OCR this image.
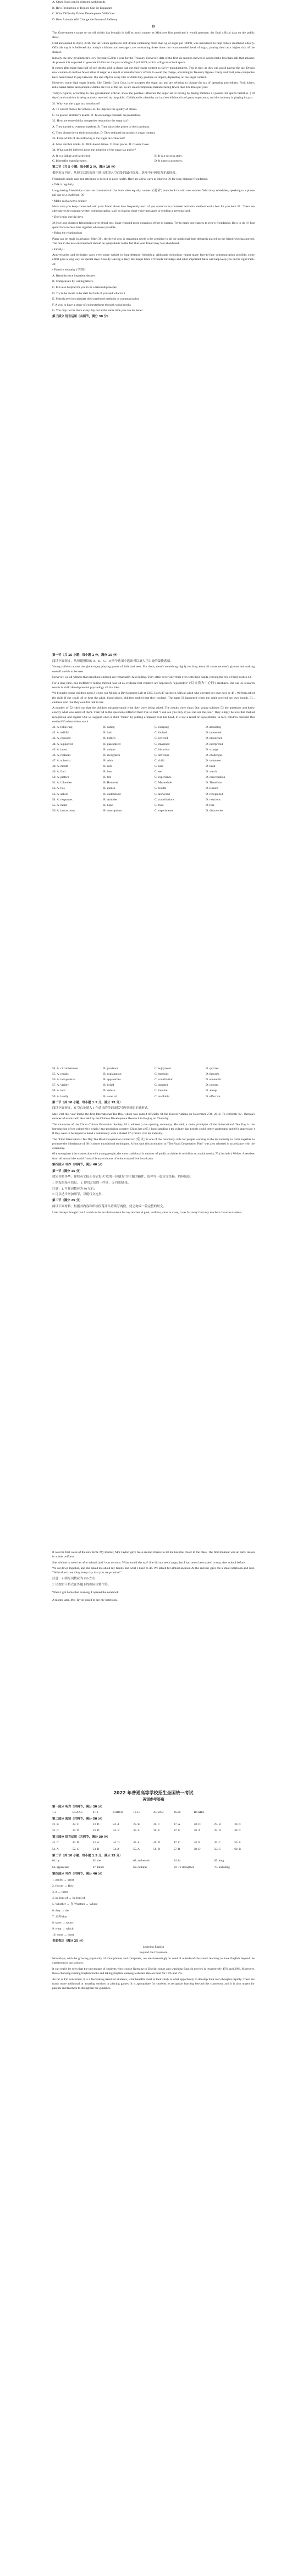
A. Other foods can be detected with breeds

B. How Production of Honors Can Be Expanded

C. What Difficulty Drives Development Will Goes

D. How Animals Will Change the Future of Refinery

B

The Government's target to cut off drinks has brought in half as much money as Ministers first predicted it would generate, the final official data on the public show.

First announced in April, 2016, the tax which applies to soft drinks containing more than 5g of sugar per 100ml, was introduced to help reduce childhood obesity. Officials say it is believed that today's children and teenagers are consuming three times the recommended level of sugar, putting them at a higher risk of the disease.

Initially the new government's levy forecast £520m a year for the Treasury. However, data of the first six months showed it would make less than half that amount. At present it is expected to generate £240m for the year ending in April 2019, which will go to school sports.

It comes after more than half of soft drinks sold in shops had cut their sugar content so far by manufacturers. This is true, as they can avoid paying the tax. Drinks now contain 45 million fewer kilos of sugar as a result of manufacturers' efforts to avoid the charge, according to Treasury figures. Dairy and fruit juice companies have been forced to pay between 18p and 24p for every litre of drink they produce or import, depending on the sugar content.

However, some high sugar brands, like Classic Coca Cola, have accepted the sugar tax and are refusing to change the tax of operating procedures. Fruit juices, milk-based drinks and alcoholic drinks are free of the tax, as are small companies manufacturing fewer than 1m litres per year.

Today's figures, according to one government official, show the positive influence the sugar tax is having by taking millions of pounds for sports facilities. ('18 days') and nutrition is being actively received by the public. Childhood is a healthy and active childhood is of great importance, and this industry is playing its part.

31. Why was the sugar tax introduced?

A. To collect money for schools. B. To improve the quality of drinks.

C. To protect children's health. D. To encourage research on production.

32. How are some drinks companies respond to the sugar tax?

A. They turned to overseas markets. B. They raised the prices of their products.

C. They closed down their production. D. They reduced the product's sugar content.

33. From which of the following is the sugar tax collected?

A. Most alcohol drinks. B. Milk-based drinks. C. Fruit juices. D. Classic Coke.

34. What can be inferred about the adoption of the sugar tax policy?

A. It is a failure and backward.	B. It is a success story.
C. It benefits manufacturers.	D. It upsets customers.
第二节（共 5 小题；每小题 2 分，满分 10 分）

根据短文内容，从短文后的选项中选出能填入空白处的最佳选项。选项中有两项为多余选项。

Friendship needs care and attention to keep it in good health. Here are a few ways to improve 36 for long-distance friendships.

• Talk it regularly

Long-lasting friendships share the characteristic that both sides equally connect ('通话') and check in with one another. With busy schedules, speaking to a phone pal can be a challenge. 36

• Make each always counter

Make sure you keep connected with your friend about how frequently each of you wants to be contacted and what method works best for you both 37 . There are alternatives to constant written communication, such as leaving short voice messages or sending a greeting card.

• Don't miss out big days

38 Not long-distance friendships never dread text. Inure respond more conscious effort to sustain. Try to mark out chances to renew friendships. How to do it? Just spend face-to-face time together whenever possible.

• Bring the relationships

Plans can be made in advance. Meet 39 , the friend who is remaining needs to be sensitive to all the additional time demands placed on the friend who has moved. The one in the new environment should be sympathetic to the fact that your friend may feel abandoned.

• Finally...

Anniversaries and birthdays carry even more weight in long-distance friendship. Although technology might make face-to-face communication possible, some effort goes a long way on special days. Usually leaving a diary that keeps track of friends' birthdays and other important dates will help keep you on the right track. 40

• Practice empathy ('共情')

A. Reminiscence impatient desires

B. Compensate by writing letters.

C. It is also helpful for you to be a friendship keeper.

D. Try to be aware to be alert for both of you and what to it

E. Friends need to calculate their preferred methods of communication

F. A way to have a sense of connectedness through social media

G. You may not be there every day but at the same time you can do better

第三部分 语言运用（共两节，满分 30 分）
第一节（共 15 小题；每小题 1 分，满分 15 分）

阅读下面短文，从每题所给的 A、B、C、D 四个选项中选出可以填入空白处的最佳选项。

Young children across the globe enjoy playing games of hide and seek. For them, there's something highly exciting about 41 someone else's glances and making oneself unable to be seen.

However, we all witness that preschool children are remarkably 42 at hiding. They often cover only their eyes with their hands, leaving the rest of their bodies 43 .

For a long time, this ineffective hiding method was 44 as evidence that children are hopelessly "egocentric" ('以自我为中心的') creatures. But our 45 research results in child developmental psychology 46 that idea.

We brought young children aged 2-4 into our Minds in Development Lab at USC. Each 47 sat down with an adult who covered her own eyes or 48 . We then asked the child if she could 49 or hear the adult. Surprisingly, children replied that they couldn't. The same 50 happened when the adult covered her own mouth. 51 , children said that they couldn't talk to her.

A number of 52 ruled out that the children misunderstood what they were being asked. The results were clear: Our young subjects 53 the questions and knew exactly what was asked of them. Their 54 to the questions reflected their true 55 that "I can see you only if you can see me, too." They simply believe that mutual recognition and regard. Our 55 suggest when a child "hides" by putting a blanket over her head, it is not a result of egocentrism. In fact, children consider this method 56 when others use it.

41. A. following	B. dating	C. escaping	D. attracting
42. A. skillful	B. bad	C. limited	D. interested
43. A. exposed	B. hidden	C. covered	D. untouched
44. A. supported	B. guaranteed	C. imagined	D. interpreted
45. A. latest	B. unique	C. historical	D. strange
46. A. replaces	B. recognizes	C. develops	D. challenges
47. A. scientist	B. adult	C. child	D. volunteer
48. A. mouth	B. ears	C. ears	D. head
49. A. find	B. hear	C. see	D. watch
50. A. pattern	B. test	C. experience	D. conversation
51. A. Likewise	B. However	C. Meanwhile	D. Therefore
52. A. lies	B. guides	C. results	D. lessons
53. A. asked	B. understood	C. answered	D. recognized
54. A. responses	B. attitudes	C. contributions	D. reactions
55. A. belief	B. hope	C. trust	D. fear
56. A. instructions	B. descriptions	C. experiments	D. discoveries
54. A. circumstances	B. prudence	C. enjoyment	D. quizzes
55. A. results	B. explanation	C. methods	D. theories
56. A. inexpensive	B. approaches	C. contribution	D. economic
57. A. visibly	B. belief	C. doubted	D. ignores
58. A. hurt	B. reduce	C. involve	D. accept
59. A. hardly	B. unusual	C. available	D. effective
第二节（共 10 小题；每小题 1.5 分，满分 15 分）

阅读下面短文，在空白处填入 1 个适当的单词或括号内单词的正确形式。

May 21st this year marks the first International Tea Day, which was named officially 61 the United Nations on November 27th, 2019. To celebrate 62 . Beihua's number of events will also held by the Chinese Development Research in Beijing on Thursday.

The chairman of the China Culture Promotion Society 63 ( address ) the opening ceremony. He said, a main principles of the International Tea Day is the introduction of tea culture 64 ( origin ) tea-producing country. China has a 65 ( long-standing ) tea culture that people could better understand and 66 ( appreciate ) if they were to be helped to build a community with a shared 67 ( future ) for tea industry.

The "First International Tea Day Tea Road Cooperation Initiative" ('倡议') is one of the ceremony calls for people working in the tea industry to come together to promote the inheritance of 68 ( culture ) traditional techniques. A foot spot this promotion in "Tea Road Cooperation Plan" was also released in accordance with the ceremony.

69 ( strengthen ) the connection with young people, the most traditional is number of public activities is to follow on social media, 70 ( include ) Weibo. Attendees from all around the world from a library on hours of uninterrupted live broadcasts.

第四部分 写作（共两节，满分 40 分）
第一节（满分 15 分）

假定你是李华，你校英文报正在征集以"我的一位朋友"为主题的稿件，请你写一篇短文投稿，内容包括：

1. 朋友的基本信息； 2. 你们之间的一件事； 3. 你的感受。

注意：1. 写作词数应为 80 左右；

2. 可以适当增加细节，以使行文连贯。

第二节（满分 25 分）

阅读下面材料，根据其内容和所给段落开头语续写两段，使之构成一篇完整的短文。

I had always thought that I could not be an ideal student for my teacher. A pink, uniform, slow in class, I was far away from my teacher's favorite students.

It was the first week of the new term. My teacher, Mrs Taylor, gave me a second chance to let me become closer to the class. The first moment was an early lesson in a pink uniform.

She told me to meet her after school, and I was nervous. What would she say? She did not seem angry, but I had never been asked to stay after school before.

We sat down together, and she asked me about my family and what I liked to do. We talked for almost an hour. At the end she gave me a small notebook and said, "Write down one thing every day that you are proud of."

注意：1. 续写词数应为 150 左右；

2. 请按如下格式在答题卡的相应位置作答。

When I got home that evening, I opened the notebook.

A month later, Mrs Taylor asked to see my notebook.

2022 年普通高等学校招生全国统一考试
英语参考答案
第一部分 听力（共两节，满分 30 分）
1-5	BCAAC	6-10	CABCB	11-15	ACBAC	16-20	BCABA
第二部分 阅读（共两节，满分 50 分）
21. B	22. C	23. D	24. A	25. B	26. C	27. A	28. D	29. B	30. C
31. C	32. D	33. D	34. B	35. A	36. E	37. G	38. A	39. D	40. C
第三部分 语言运用（共两节，满分 30 分）
41. C	42. B	43. A	44. D	45. A	46. D	47. C	48. B	49. C	50. A
51. A	52. C	53. B	54. A	55. A	56. D	57. B	58. D	59. C	60. B
第二节（共 10 小题；每小题 1.5 分，满分 15 分）
61. by	62. the	63. addressed	64. in	65. long
66. appreciate	67. future	68. cultural	69. To strengthen	70. including
第四部分 写作（共两节，满分 40 分）

1. gently → great

2. flower → flow

3. it → them

4. in front of → in front of

5. Whether → 在 Whether → Where

6. they → the

7. 去掉 that

8. sport → sports

9. what → which

10. more → most

书面表达（满分 25 分）

Learning English

Beyond the Classroom

Nowadays, with the growing popularity of smartphones and computers, we are increasingly in need of outside-of-classroom learning to have English beyond the classroom in our schools.

It can really be seen that the percentage of students who choose listening to English songs and watching English movies is respectively 45% and 30%. Moreover, those choosing reading English books and taking English learning websites also account for 18% and 7%.

As far as I'm concerned, it is a fascinating trend for students, what benefits most to their study is what opportunity to develop their own thoughts rapidly. There are many more additional or amazing outdoor or playing games. It is appropriate for students to recognize learning beyond the classroom, and it is also urgent for parents and teachers to strengthen the guidance.
